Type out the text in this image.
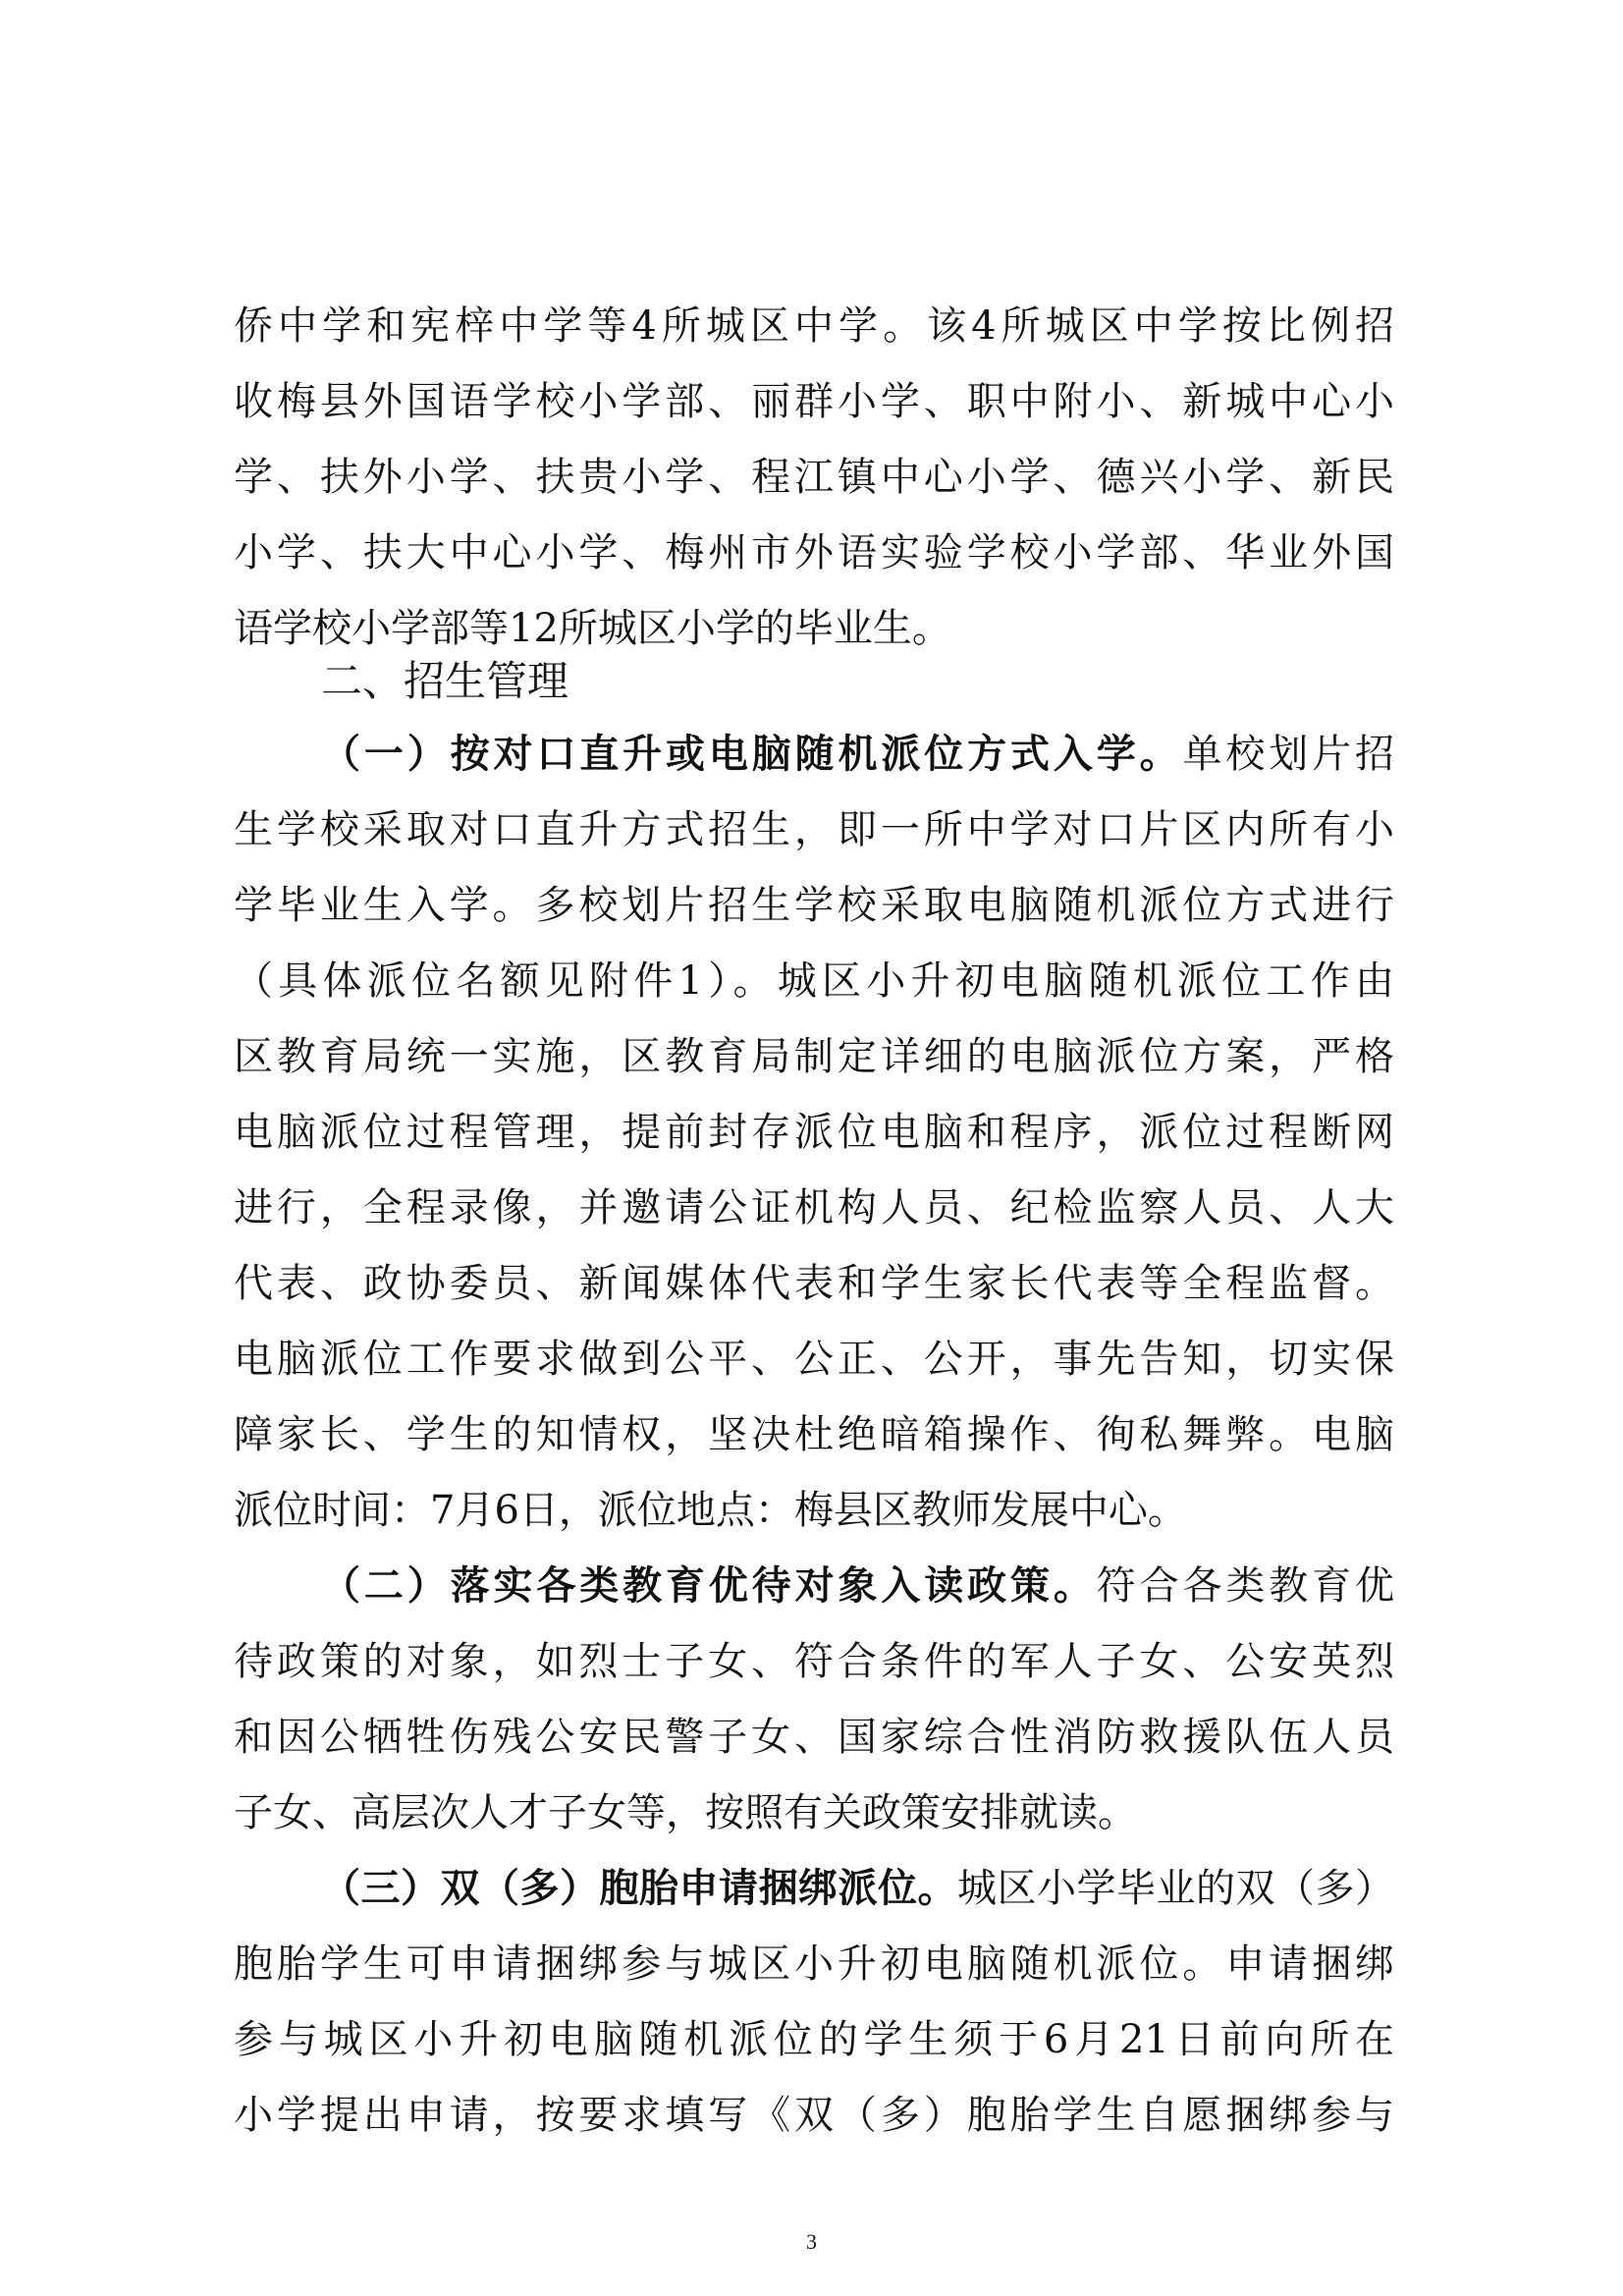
侨中学和宪梓中学等4所城区中学。该4所城区中学按比例招
收梅县外国语学校小学部、丽群小学、职中附小、新城中心小
学、扶外小学、扶贵小学、程江镇中心小学、德兴小学、新民
小学、扶大中心小学、梅州市外语实验学校小学部、华业外国
语学校小学部等12所城区小学的毕业生。
二、招生管理
（一）按对口直升或电脑随机派位方式入学。单校划片招
生学校采取对口直升方式招生，即一所中学对口片区内所有小
学毕业生入学。多校划片招生学校采取电脑随机派位方式进行
（具体派位名额见附件1）。城区小升初电脑随机派位工作由
区教育局统一实施，区教育局制定详细的电脑派位方案，严格
电脑派位过程管理，提前封存派位电脑和程序，派位过程断网
进行，全程录像，并邀请公证机构人员、纪检监察人员、人大
代表、政协委员、新闻媒体代表和学生家长代表等全程监督。
电脑派位工作要求做到公平、公正、公开，事先告知，切实保
障家长、学生的知情权，坚决杜绝暗箱操作、徇私舞弊。电脑
派位时间：7月6日，派位地点：梅县区教师发展中心。
（二）落实各类教育优待对象入读政策。符合各类教育优
待政策的对象，如烈士子女、符合条件的军人子女、公安英烈
和因公牺牲伤残公安民警子女、国家综合性消防救援队伍人员
子女、高层次人才子女等，按照有关政策安排就读。
（三）双（多）胞胎申请捆绑派位。城区小学毕业的双（多）
胞胎学生可申请捆绑参与城区小升初电脑随机派位。申请捆绑
参与城区小升初电脑随机派位的学生须于6月21日前向所在
小学提出申请，按要求填写《双（多）胞胎学生自愿捆绑参与
3
